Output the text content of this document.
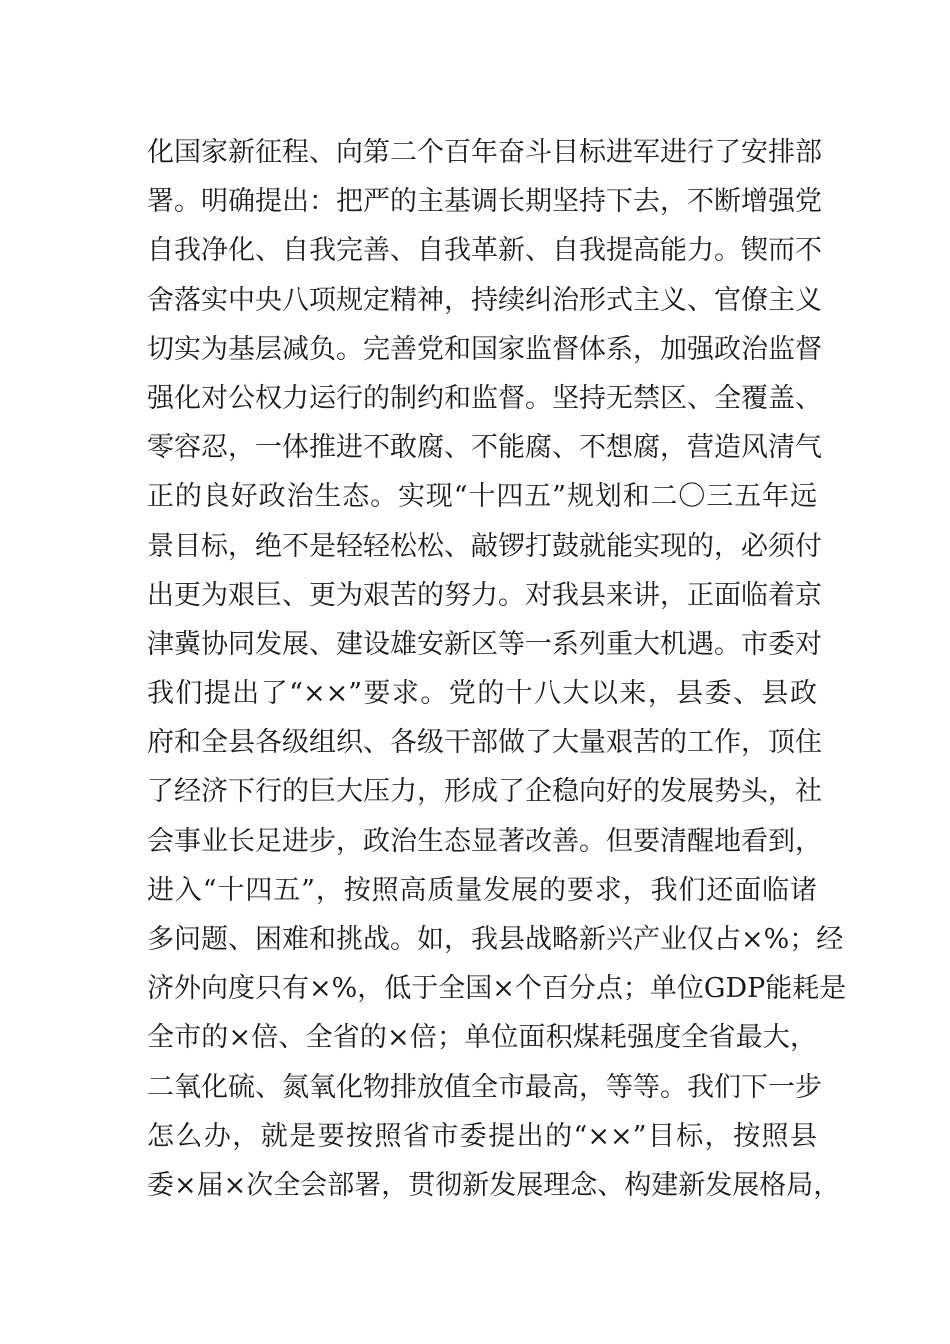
化国家新征程、向第二个百年奋斗目标进军进行了安排部
署。明确提出：把严的主基调长期坚持下去，不断增强党
自我净化、自我完善、自我革新、自我提高能力。锲而不
舍落实中央八项规定精神，持续纠治形式主义、官僚主义
切实为基层减负。完善党和国家监督体系，加强政治监督
强化对公权力运行的制约和监督。坚持无禁区、全覆盖、
零容忍，一体推进不敢腐、不能腐、不想腐，营造风清气
正的良好政治生态。实现“十四五”规划和二〇三五年远
景目标，绝不是轻轻松松、敲锣打鼓就能实现的，必须付
出更为艰巨、更为艰苦的努力。对我县来讲，正面临着京
津冀协同发展、建设雄安新区等一系列重大机遇。市委对
我们提出了“××”要求。党的十八大以来，县委、县政
府和全县各级组织、各级干部做了大量艰苦的工作，顶住
了经济下行的巨大压力，形成了企稳向好的发展势头，社
会事业长足进步，政治生态显著改善。但要清醒地看到，
进入“十四五”，按照高质量发展的要求，我们还面临诸
多问题、困难和挑战。如，我县战略新兴产业仅占×%；经
济外向度只有×%，低于全国×个百分点；单位GDP能耗是
全市的×倍、全省的×倍；单位面积煤耗强度全省最大，
二氧化硫、氮氧化物排放值全市最高，等等。我们下一步
怎么办，就是要按照省市委提出的“××”目标，按照县
委×届×次全会部署，贯彻新发展理念、构建新发展格局，
